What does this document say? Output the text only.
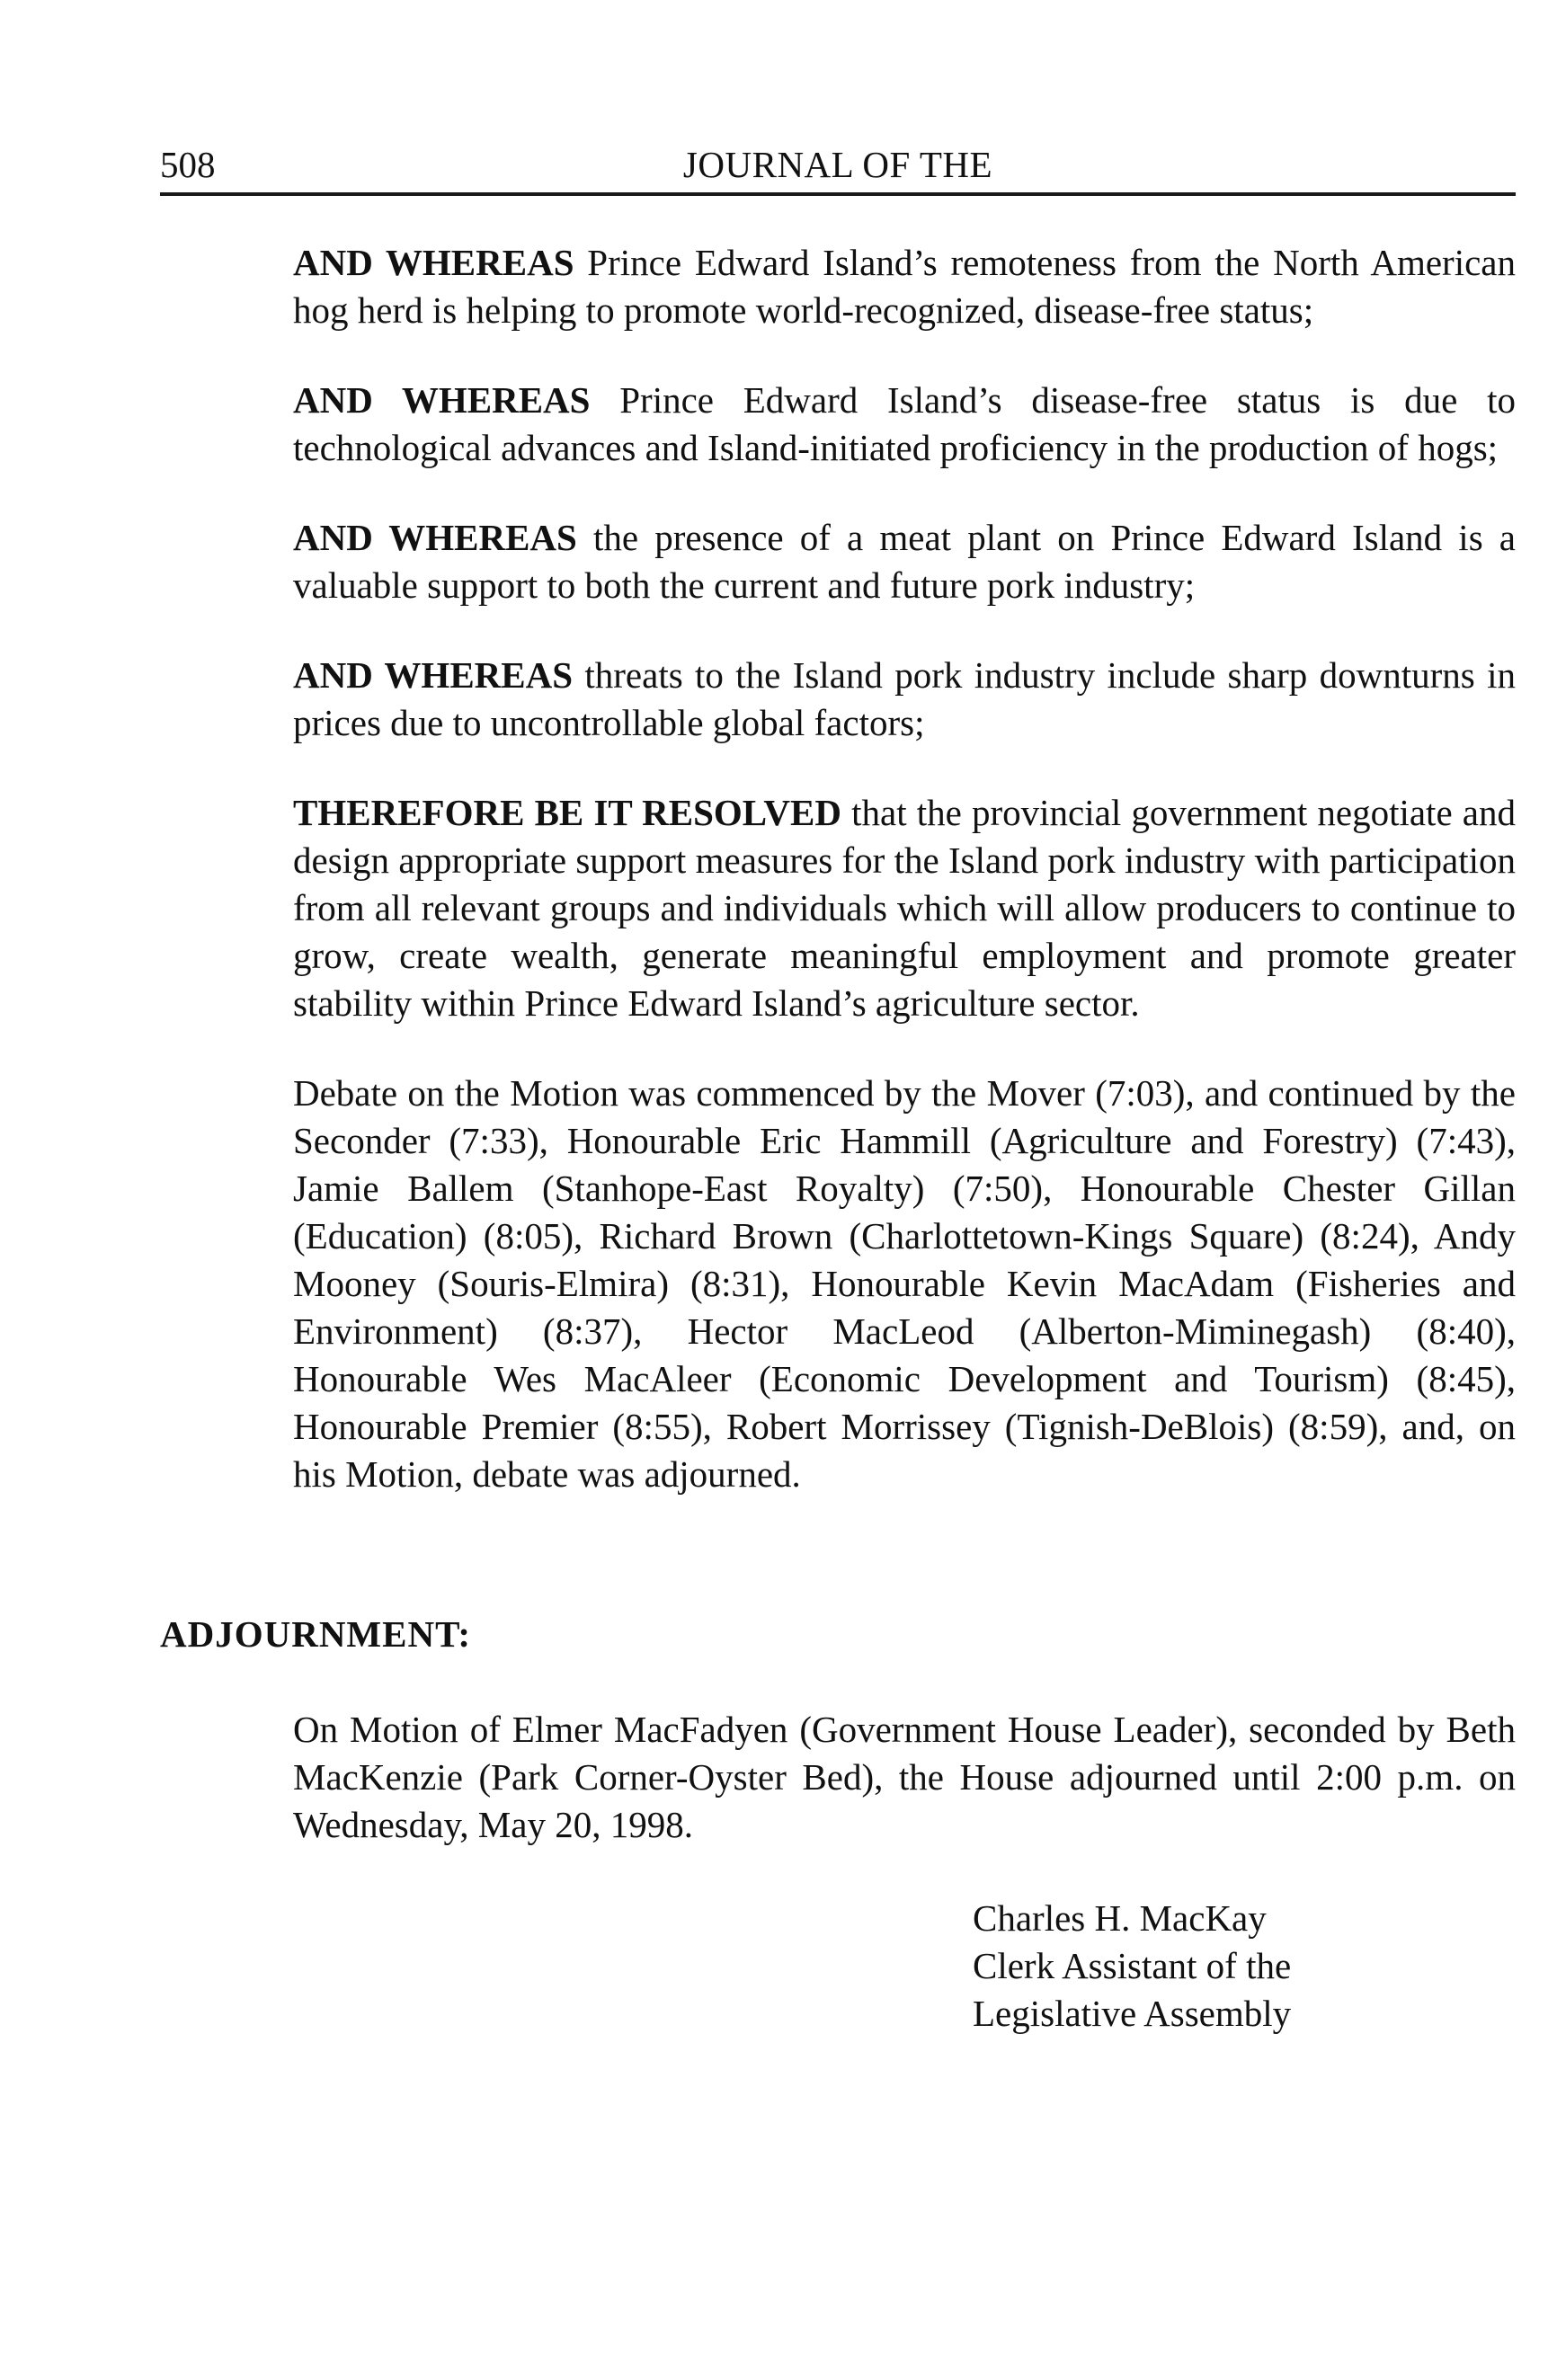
508	JOURNAL OF THE

AND WHEREAS Prince Edward Island’s remoteness from the North American hog herd is helping to promote world-recognized, disease-free status;

AND WHEREAS Prince Edward Island’s disease-free status is due to technological advances and Island-initiated proficiency in the production of hogs;

AND WHEREAS the presence of a meat plant on Prince Edward Island is a valuable support to both the current and future pork industry;

AND WHEREAS threats to the Island pork industry include sharp downturns in prices due to uncontrollable global factors;

THEREFORE BE IT RESOLVED that the provincial government negotiate and design appropriate support measures for the Island pork industry with participation from all relevant groups and individuals which will allow producers to continue to grow, create wealth, generate meaningful employment and promote greater stability within Prince Edward Island’s agriculture sector.

Debate on the Motion was commenced by the Mover (7:03), and continued by the Seconder (7:33), Honourable Eric Hammill (Agriculture and Forestry) (7:43), Jamie Ballem (Stanhope-East Royalty) (7:50), Honourable Chester Gillan (Education) (8:05), Richard Brown (Charlottetown-Kings Square) (8:24), Andy Mooney (Souris-Elmira) (8:31), Honourable Kevin MacAdam (Fisheries and Environment) (8:37), Hector MacLeod (Alberton-Miminegash) (8:40), Honourable Wes MacAleer (Economic Development and Tourism) (8:45), Honourable Premier (8:55), Robert Morrissey (Tignish-DeBlois) (8:59), and, on his Motion, debate was adjourned.

ADJOURNMENT:
On Motion of Elmer MacFadyen (Government House Leader), seconded by Beth MacKenzie (Park Corner-Oyster Bed), the House adjourned until 2:00 p.m. on Wednesday, May 20, 1998.
Charles H. MacKay
Clerk Assistant of the
Legislative Assembly
